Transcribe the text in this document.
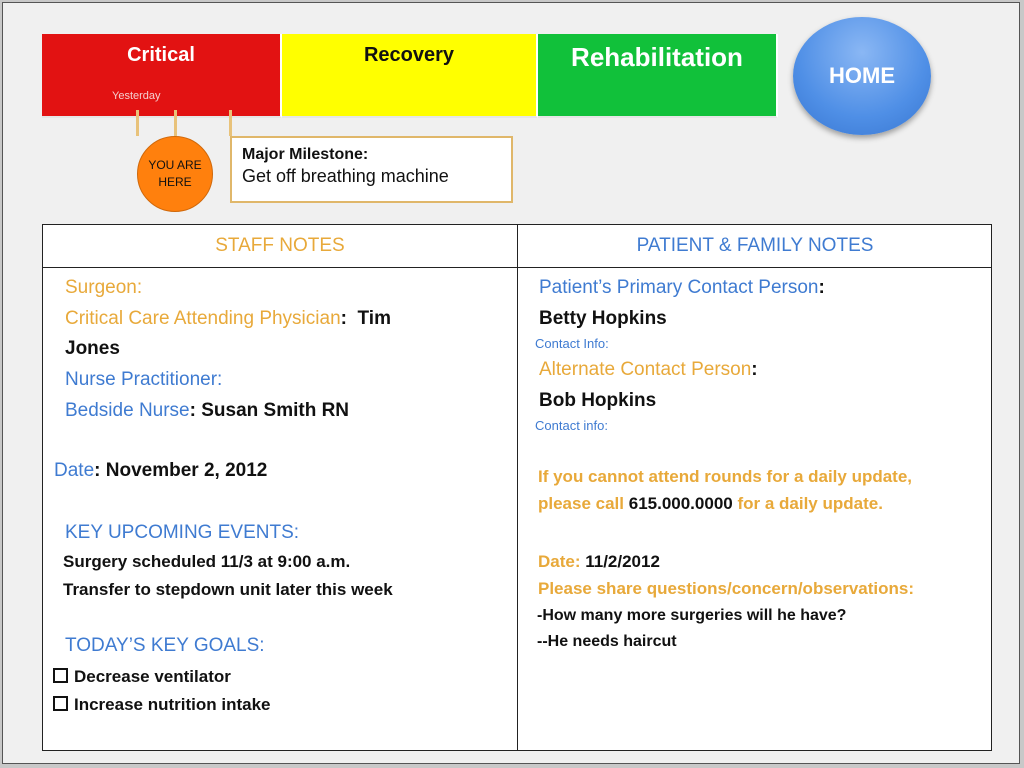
Critical
Yesterday
Recovery	Rehabilitation
HOME
YOU ARE
HERE
Major Milestone:
Get off breathing machine
STAFF NOTES	PATIENT & FAMILY NOTES
Surgeon:
Critical Care Attending Physician: Tim
Jones
Nurse Practitioner:
Bedside Nurse: Susan Smith RN
Date: November 2, 2012
KEY UPCOMING EVENTS:
Surgery scheduled 11/3 at 9:00 a.m.
Transfer to stepdown unit later this week
TODAY’S KEY GOALS:
Decrease ventilator
Increase nutrition intake
Patient’s Primary Contact Person:
Betty Hopkins
Contact Info:
Alternate Contact Person:
Bob Hopkins
Contact info:
If you cannot attend rounds for a daily update,
please call 615.000.0000 for a daily update.
Date: 11/2/2012
Please share questions/concern/observations:
-How many more surgeries will he have?
--He needs haircut
